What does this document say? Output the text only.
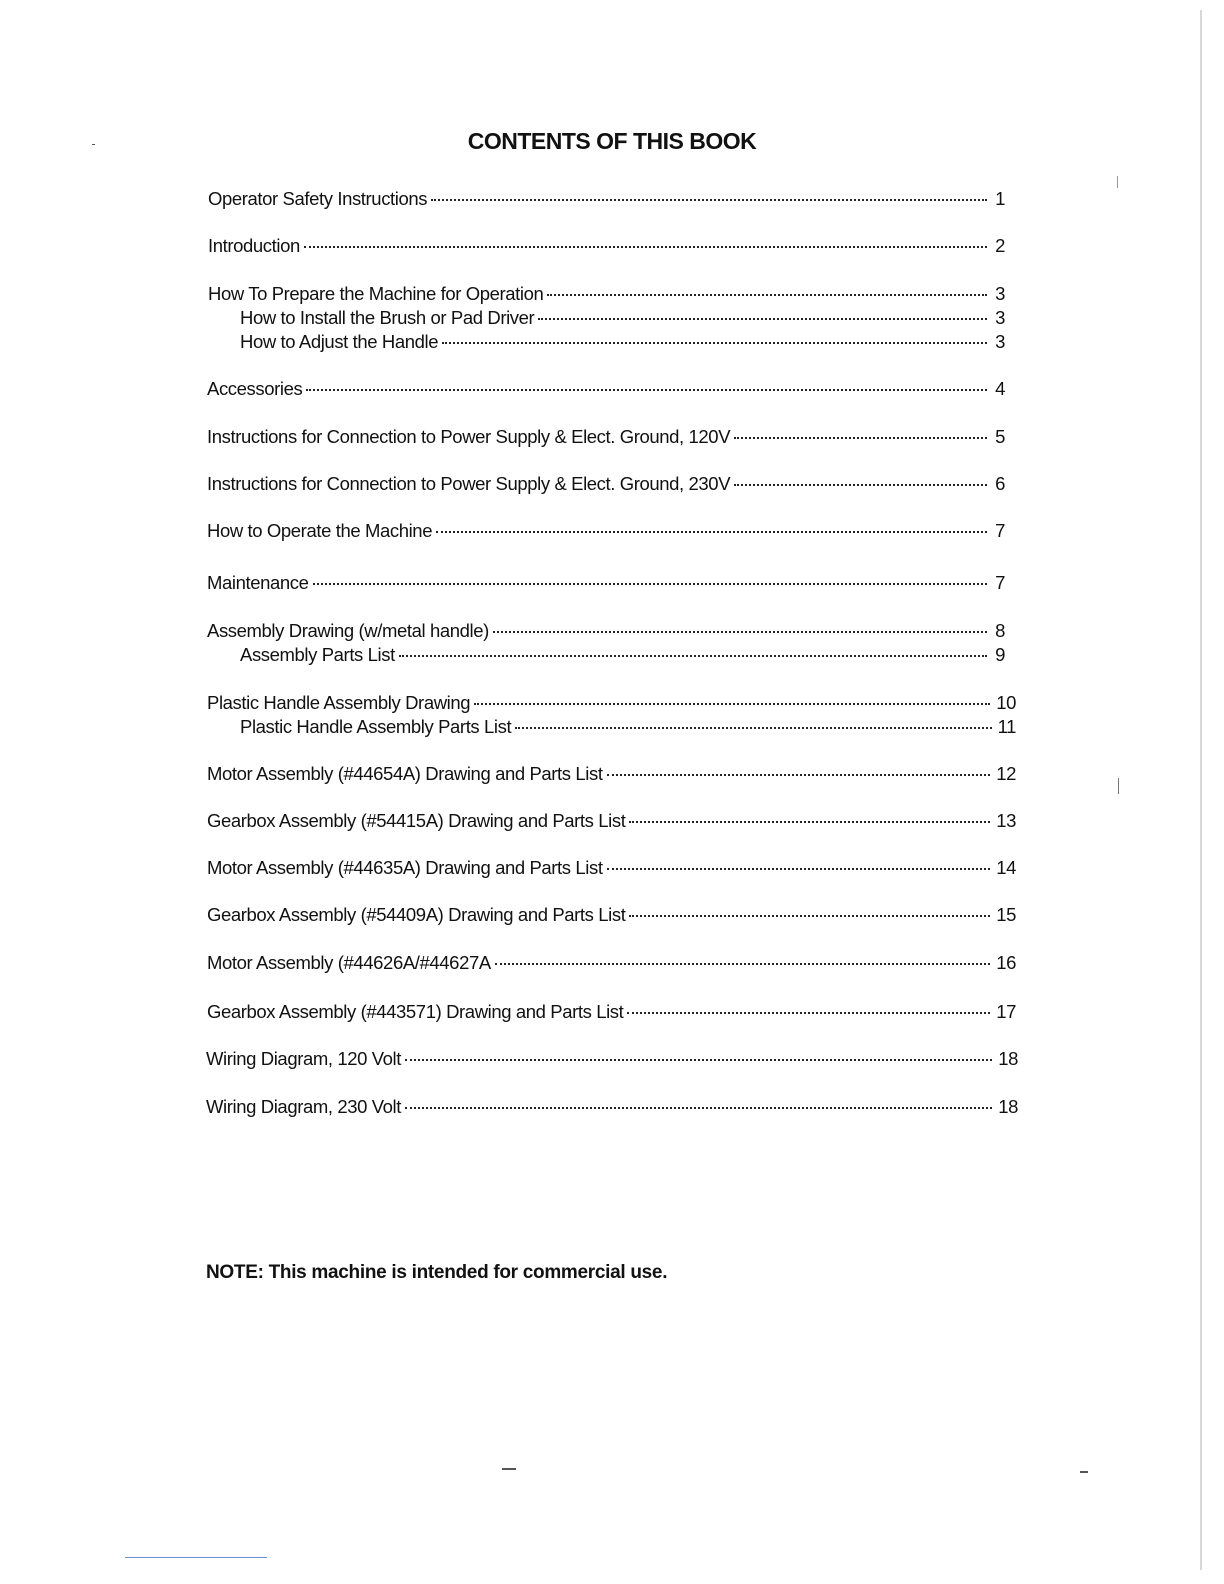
CONTENTS OF THIS BOOK
Operator Safety Instructions	1
Introduction	2
How To Prepare the Machine for Operation	3
How to Install the Brush or Pad Driver	3
How to Adjust the Handle	3
Accessories	4
Instructions for Connection to Power Supply & Elect. Ground, 120V	5
Instructions for Connection to Power Supply & Elect. Ground, 230V	6
How to Operate the Machine	7
Maintenance	7
Assembly Drawing (w/metal handle)	8
Assembly Parts List	9
Plastic Handle Assembly Drawing	10
Plastic Handle Assembly Parts List	11
Motor Assembly (#44654A) Drawing and Parts List	12
Gearbox Assembly (#54415A) Drawing and Parts List	13
Motor Assembly (#44635A) Drawing and Parts List	14
Gearbox Assembly (#54409A) Drawing and Parts List	15
Motor Assembly (#44626A/#44627A	16
Gearbox Assembly (#443571) Drawing and Parts List	17
Wiring Diagram, 120 Volt	18
Wiring Diagram, 230 Volt	18
NOTE: This machine is intended for commercial use.
